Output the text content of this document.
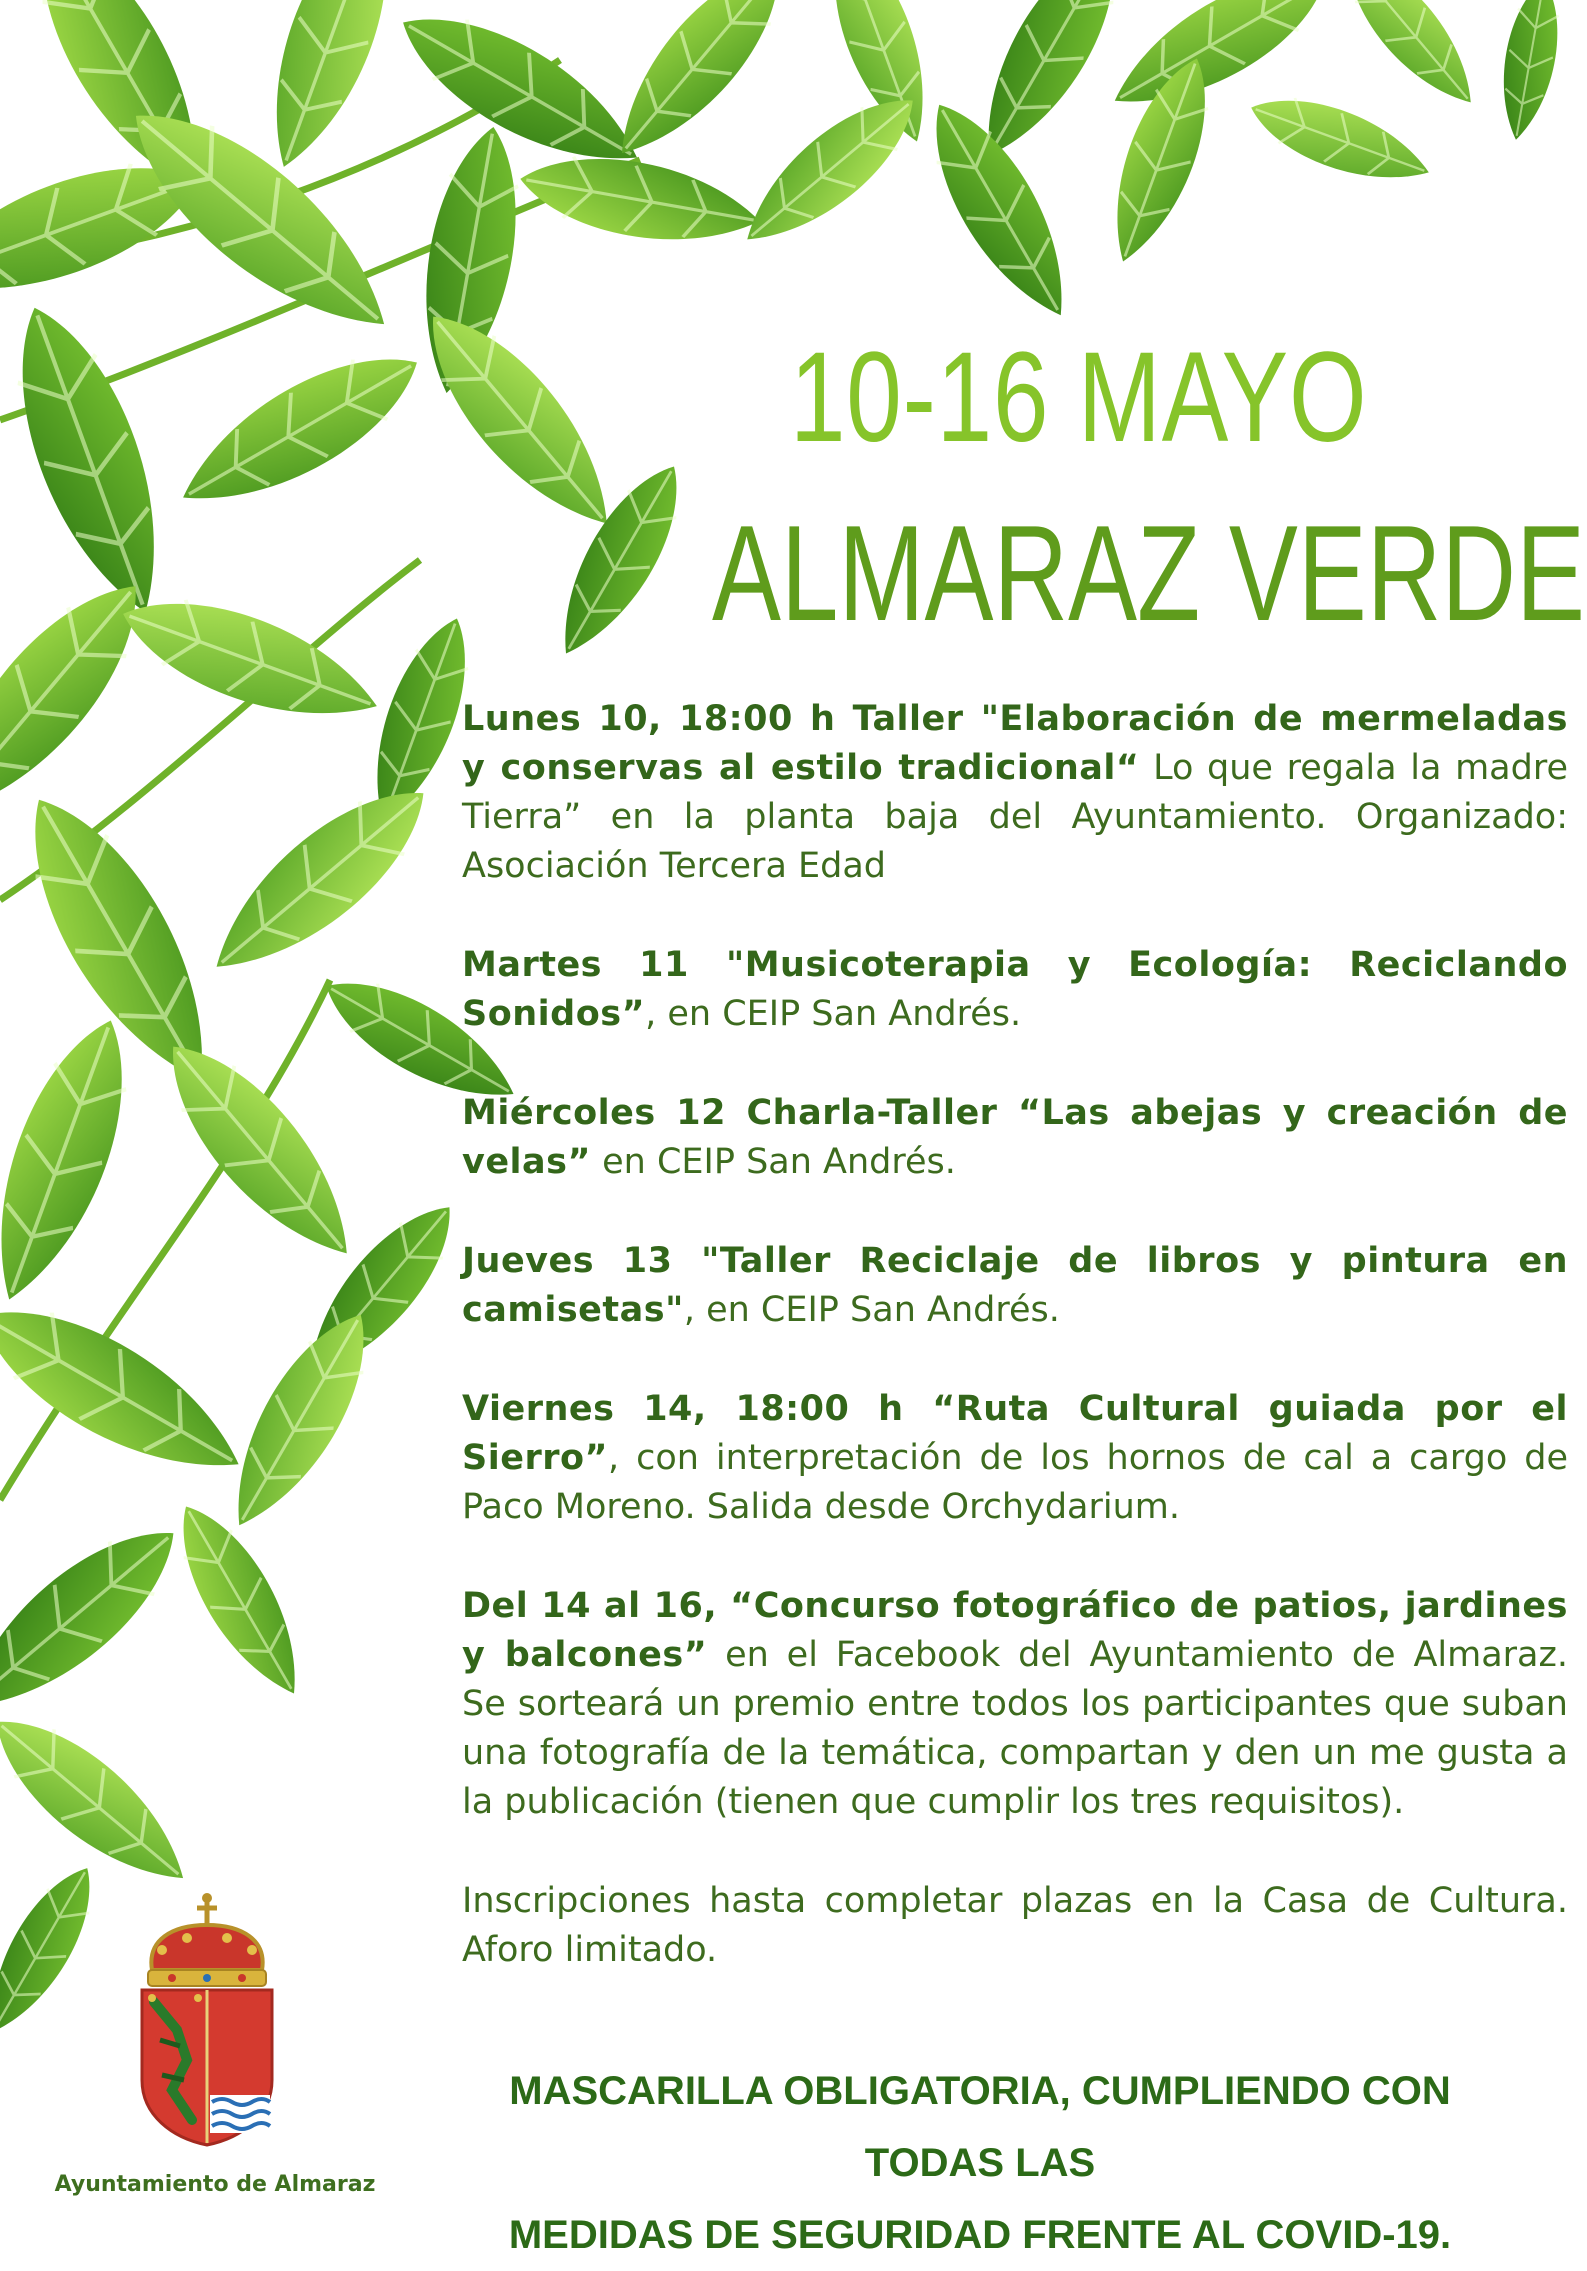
10-16 MAYO
ALMARAZ VERDE

Lunes 10, 18:00 h Taller "Elaboración de mermeladas y conservas al estilo tradicional“ Lo que regala la madre Tierra” en la planta baja del Ayuntamiento. Organizado: Asociación Tercera Edad

Martes 11 "Musicoterapia y Ecología: Reciclando Sonidos”, en CEIP San Andrés.

Miércoles 12 Charla-Taller “Las abejas y creación de velas” en CEIP San Andrés.

Jueves 13 "Taller Reciclaje de libros y pintura en camisetas", en CEIP San Andrés.

Viernes 14, 18:00 h “Ruta Cultural guiada por el Sierro”, con interpretación de los hornos de cal a cargo de Paco Moreno. Salida desde Orchydarium.

Del 14 al 16, “Concurso fotográfico de patios, jardines y balcones” en el Facebook del Ayuntamiento de Almaraz. Se sorteará un premio entre todos los participantes que suban una fotografía de la temática, compartan y den un me gusta a la publicación (tienen que cumplir los tres requisitos).

Inscripciones hasta completar plazas en la Casa de Cultura. Aforo limitado.

MASCARILLA OBLIGATORIA, CUMPLIENDO CON TODAS LAS
MEDIDAS DE SEGURIDAD FRENTE AL COVID-19.
Ayuntamiento de Almaraz
